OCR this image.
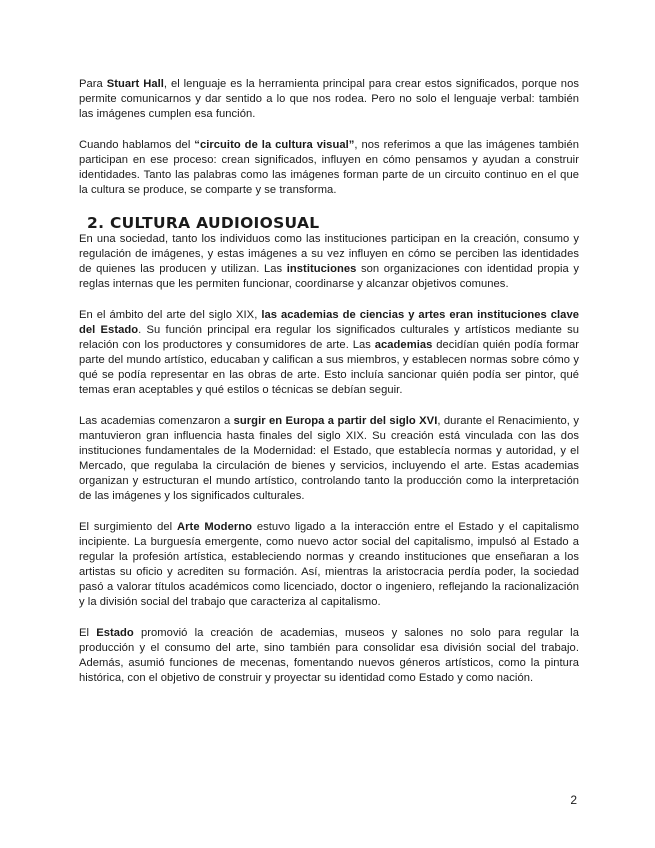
Para Stuart Hall, el lenguaje es la herramienta principal para crear estos significados, porque nos permite comunicarnos y dar sentido a lo que nos rodea. Pero no solo el lenguaje verbal: también las imágenes cumplen esa función.

Cuando hablamos del “circuito de la cultura visual”, nos referimos a que las imágenes también participan en ese proceso: crean significados, influyen en cómo pensamos y ayudan a construir identidades. Tanto las palabras como las imágenes forman parte de un circuito continuo en el que la cultura se produce, se comparte y se transforma.

2. CULTURA AUDIOIOSUAL

En una sociedad, tanto los individuos como las instituciones participan en la creación, consumo y regulación de imágenes, y estas imágenes a su vez influyen en cómo se perciben las identidades de quienes las producen y utilizan. Las instituciones son organizaciones con identidad propia y reglas internas que les permiten funcionar, coordinarse y alcanzar objetivos comunes.

En el ámbito del arte del siglo XIX, las academias de ciencias y artes eran instituciones clave del Estado. Su función principal era regular los significados culturales y artísticos mediante su relación con los productores y consumidores de arte. Las academias decidían quién podía formar parte del mundo artístico, educaban y califican a sus miembros, y establecen normas sobre cómo y qué se podía representar en las obras de arte. Esto incluía sancionar quién podía ser pintor, qué temas eran aceptables y qué estilos o técnicas se debían seguir.

Las academias comenzaron a surgir en Europa a partir del siglo XVI, durante el Renacimiento, y mantuvieron gran influencia hasta finales del siglo XIX. Su creación está vinculada con las dos instituciones fundamentales de la Modernidad: el Estado, que establecía normas y autoridad, y el Mercado, que regulaba la circulación de bienes y servicios, incluyendo el arte. Estas academias organizan y estructuran el mundo artístico, controlando tanto la producción como la interpretación de las imágenes y los significados culturales.

El surgimiento del Arte Moderno estuvo ligado a la interacción entre el Estado y el capitalismo incipiente. La burguesía emergente, como nuevo actor social del capitalismo, impulsó al Estado a regular la profesión artística, estableciendo normas y creando instituciones que enseñaran a los artistas su oficio y acrediten su formación. Así, mientras la aristocracia perdía poder, la sociedad pasó a valorar títulos académicos como licenciado, doctor o ingeniero, reflejando la racionalización y la división social del trabajo que caracteriza al capitalismo.

El Estado promovió la creación de academias, museos y salones no solo para regular la producción y el consumo del arte, sino también para consolidar esa división social del trabajo. Además, asumió funciones de mecenas, fomentando nuevos géneros artísticos, como la pintura histórica, con el objetivo de construir y proyectar su identidad como Estado y como nación.

2
